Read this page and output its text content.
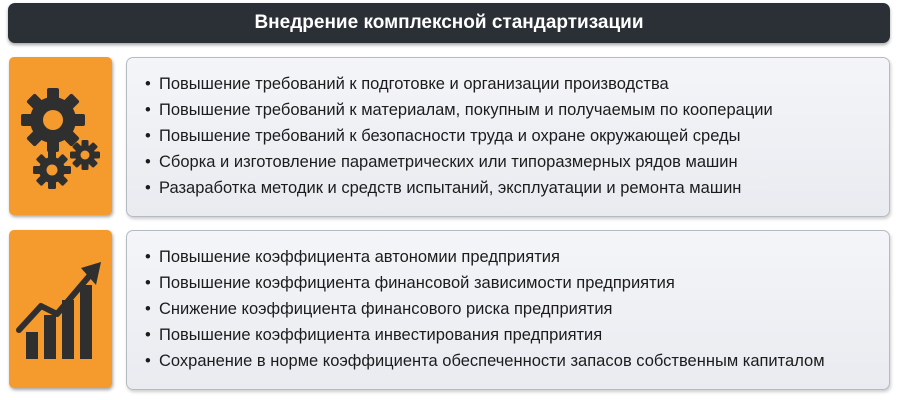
Внедрение комплексной стандартизации
• Повышение требований к подготовке и организации производства
• Повышение требований к материалам, покупным и получаемым по кооперации
• Повышение требований к безопасности труда и охране окружающей среды
• Сборка и изготовление параметрических или типоразмерных рядов машин
• Разаработка методик и средств испытаний, эксплуатации и ремонта машин
• Повышение коэффициента автономии предприятия
• Повышение коэффициента финансовой зависимости предприятия
• Снижение коэффициента финансового риска предприятия
• Повышение коэффициента инвестирования предприятия
• Сохранение в норме коэффициента обеспеченности запасов собственным капиталом
